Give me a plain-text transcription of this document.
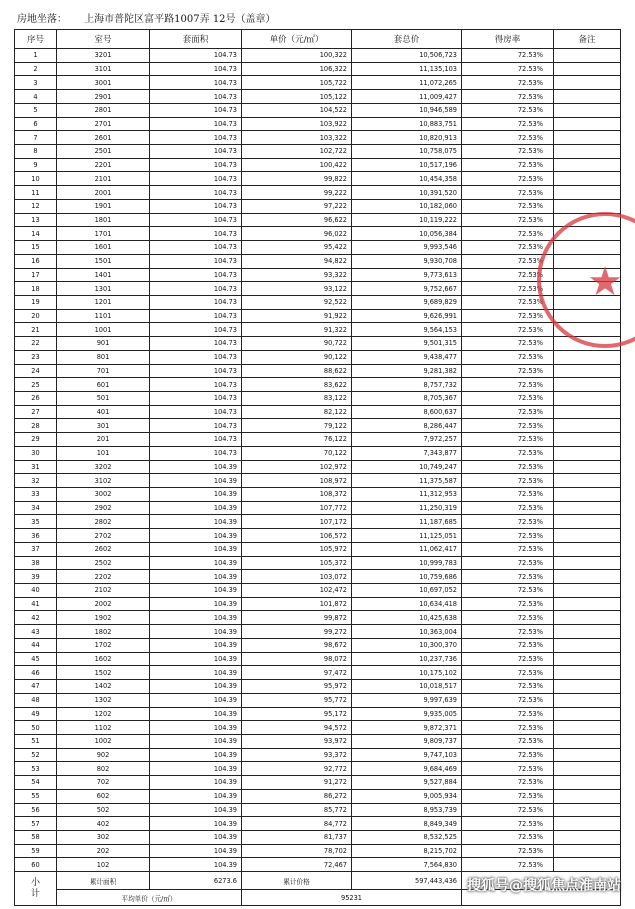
房地坐落： 上海市普陀区富平路1007弄 12号（盖章）
序号	室号	套面积	单价（元/㎡）	套总价	得房率	备注
1	3201	104.73	100,322	10,506,723	72.53%	
2	3101	104.73	106,322	11,135,103	72.53%	
3	3001	104.73	105,722	11,072,265	72.53%	
4	2901	104.73	105,122	11,009,427	72.53%	
5	2801	104.73	104,522	10,946,589	72.53%	
6	2701	104.73	103,922	10,883,751	72.53%	
7	2601	104.73	103,322	10,820,913	72.53%	
8	2501	104.73	102,722	10,758,075	72.53%	
9	2201	104.73	100,422	10,517,196	72.53%	
10	2101	104.73	99,822	10,454,358	72.53%	
11	2001	104.73	99,222	10,391,520	72.53%	
12	1901	104.73	97,222	10,182,060	72.53%	
13	1801	104.73	96,622	10,119,222	72.53%	
14	1701	104.73	96,022	10,056,384	72.53%	
15	1601	104.73	95,422	9,993,546	72.53%	
16	1501	104.73	94,822	9,930,708	72.53%	
17	1401	104.73	93,322	9,773,613	72.53%	
18	1301	104.73	93,122	9,752,667	72.53%	
19	1201	104.73	92,522	9,689,829	72.53%	
20	1101	104.73	91,922	9,626,991	72.53%	
21	1001	104.73	91,322	9,564,153	72.53%	
22	901	104.73	90,722	9,501,315	72.53%	
23	801	104.73	90,122	9,438,477	72.53%	
24	701	104.73	88,622	9,281,382	72.53%	
25	601	104.73	83,622	8,757,732	72.53%	
26	501	104.73	83,122	8,705,367	72.53%	
27	401	104.73	82,122	8,600,637	72.53%	
28	301	104.73	79,122	8,286,447	72.53%	
29	201	104.73	76,122	7,972,257	72.53%	
30	101	104.73	70,122	7,343,877	72.53%	
31	3202	104.39	102,972	10,749,247	72.53%	
32	3102	104.39	108,972	11,375,587	72.53%	
33	3002	104.39	108,372	11,312,953	72.53%	
34	2902	104.39	107,772	11,250,319	72.53%	
35	2802	104.39	107,172	11,187,685	72.53%	
36	2702	104.39	106,572	11,125,051	72.53%	
37	2602	104.39	105,972	11,062,417	72.53%	
38	2502	104.39	105,372	10,999,783	72.53%	
39	2202	104.39	103,072	10,759,686	72.53%	
40	2102	104.39	102,472	10,697,052	72.53%	
41	2002	104.39	101,872	10,634,418	72.53%	
42	1902	104.39	99,872	10,425,638	72.53%	
43	1802	104.39	99,272	10,363,004	72.53%	
44	1702	104.39	98,672	10,300,370	72.53%	
45	1602	104.39	98,072	10,237,736	72.53%	
46	1502	104.39	97,472	10,175,102	72.53%	
47	1402	104.39	95,972	10,018,517	72.53%	
48	1302	104.39	95,772	9,997,639	72.53%	
49	1202	104.39	95,172	9,935,005	72.53%	
50	1102	104.39	94,572	9,872,371	72.53%	
51	1002	104.39	93,972	9,809,737	72.53%	
52	902	104.39	93,372	9,747,103	72.53%	
53	802	104.39	92,772	9,684,469	72.53%	
54	702	104.39	91,272	9,527,884	72.53%	
55	602	104.39	86,272	9,005,934	72.53%	
56	502	104.39	85,772	8,953,739	72.53%	
57	402	104.39	84,772	8,849,349	72.53%	
58	302	104.39	81,737	8,532,525	72.53%	
59	202	104.39	78,702	8,215,702	72.53%	
60	102	104.39	72,467	7,564,830	72.53%	
小
计	累计面积	6273.6	累计价格	597,443,436		
	平均单价（元/㎡）		95231			
★
搜狐号@搜狐焦点淮南站
